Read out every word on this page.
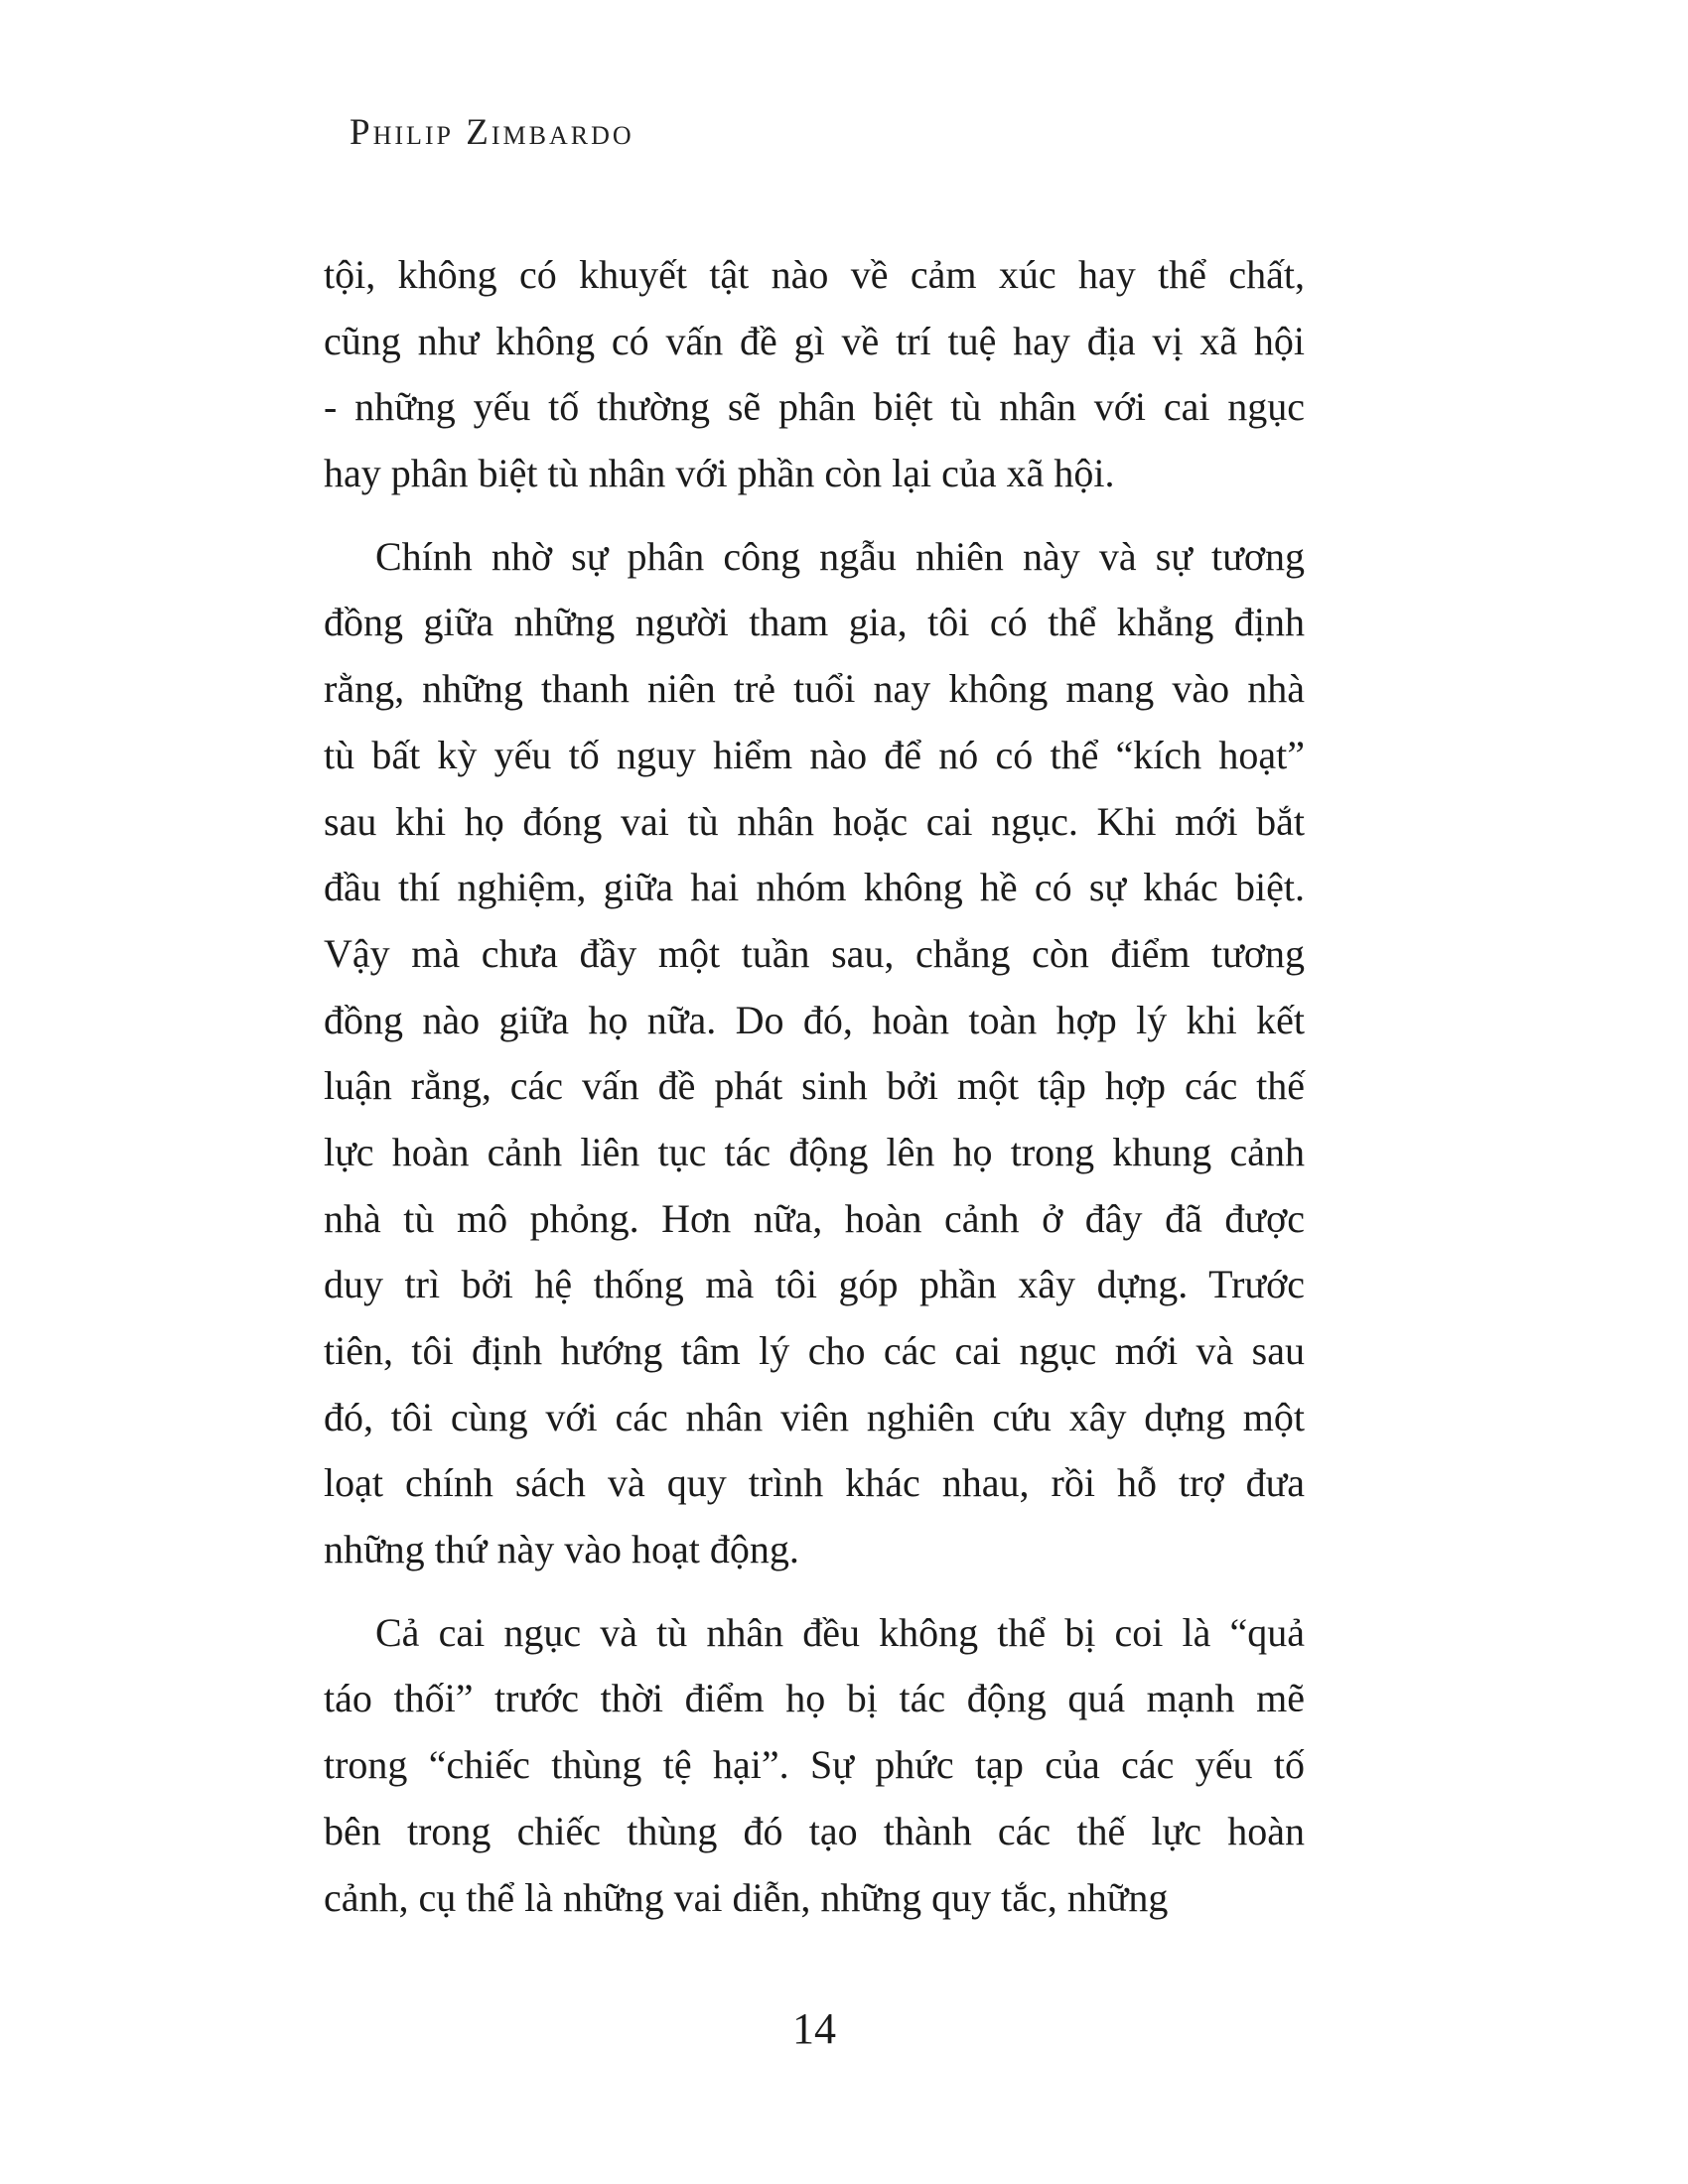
Philip Zimbardo
tội, không có khuyết tật nào về cảm xúc hay thể chất,
cũng như không có vấn đề gì về trí tuệ hay địa vị xã hội
- những yếu tố thường sẽ phân biệt tù nhân với cai ngục
hay phân biệt tù nhân với phần còn lại của xã hội.
Chính nhờ sự phân công ngẫu nhiên này và sự tương
đồng giữa những người tham gia, tôi có thể khẳng định
rằng, những thanh niên trẻ tuổi nay không mang vào nhà
tù bất kỳ yếu tố nguy hiểm nào để nó có thể “kích hoạt”
sau khi họ đóng vai tù nhân hoặc cai ngục. Khi mới bắt
đầu thí nghiệm, giữa hai nhóm không hề có sự khác biệt.
Vậy mà chưa đầy một tuần sau, chẳng còn điểm tương
đồng nào giữa họ nữa. Do đó, hoàn toàn hợp lý khi kết
luận rằng, các vấn đề phát sinh bởi một tập hợp các thế
lực hoàn cảnh liên tục tác động lên họ trong khung cảnh
nhà tù mô phỏng. Hơn nữa, hoàn cảnh ở đây đã được
duy trì bởi hệ thống mà tôi góp phần xây dựng. Trước
tiên, tôi định hướng tâm lý cho các cai ngục mới và sau
đó, tôi cùng với các nhân viên nghiên cứu xây dựng một
loạt chính sách và quy trình khác nhau, rồi hỗ trợ đưa
những thứ này vào hoạt động.
Cả cai ngục và tù nhân đều không thể bị coi là “quả
táo thối” trước thời điểm họ bị tác động quá mạnh mẽ
trong “chiếc thùng tệ hại”. Sự phức tạp của các yếu tố
bên trong chiếc thùng đó tạo thành các thế lực hoàn
cảnh, cụ thể là những vai diễn, những quy tắc, những
14
